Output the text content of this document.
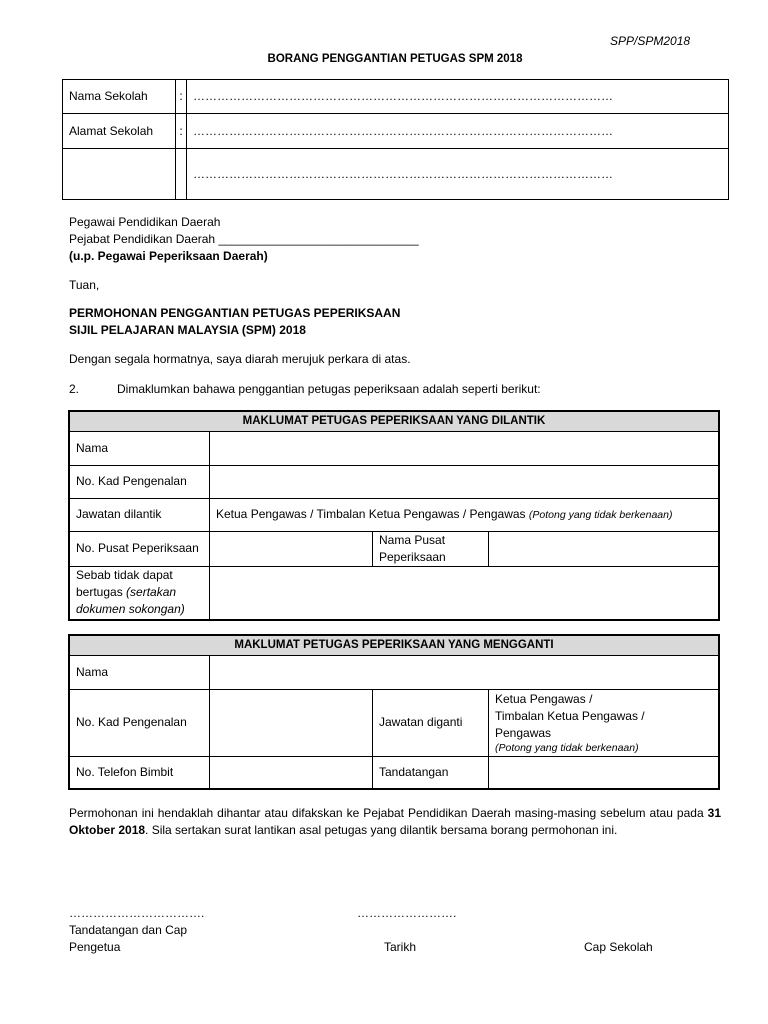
SPP/SPM2018
BORANG PENGGANTIAN PETUGAS SPM 2018
Nama Sekolah	:	……………………………………………………………………………………………
Alamat Sekolah	:	……………………………………………………………………………………………
		……………………………………………………………………………………………
Pegawai Pendidikan Daerah
Pejabat Pendidikan Daerah ______________________________
(u.p. Pegawai Peperiksaan Daerah)
Tuan,
PERMOHONAN PENGGANTIAN PETUGAS PEPERIKSAAN
SIJIL PELAJARAN MALAYSIA (SPM) 2018
Dengan segala hormatnya, saya diarah merujuk perkara di atas.
2.	Dimaklumkan bahawa penggantian petugas peperiksaan adalah seperti berikut:
MAKLUMAT PETUGAS PEPERIKSAAN YANG DILANTIK			
Nama			
No. Kad Pengenalan			
Jawatan dilantik	Ketua Pengawas / Timbalan Ketua Pengawas / Pengawas (Potong yang tidak berkenaan)		
No. Pusat Peperiksaan		Nama Pusat Peperiksaan	
Sebab tidak dapat bertugas (sertakan dokumen sokongan)			
MAKLUMAT PETUGAS PEPERIKSAAN YANG MENGGANTI			
Nama			
No. Kad Pengenalan		Jawatan diganti	Ketua Pengawas /
Timbalan Ketua Pengawas /
Pengawas
(Potong yang tidak berkenaan)

No. Telefon Bimbit		Tandatangan	
Permohonan ini hendaklah dihantar atau difakskan ke Pejabat Pendidikan Daerah masing-masing sebelum atau pada 31 Oktober 2018. Sila sertakan surat lantikan asal petugas yang dilantik bersama borang permohonan ini.
…………………………….	…………………….
Tandatangan dan Cap
Pengetua	Tarikh	Cap Sekolah
